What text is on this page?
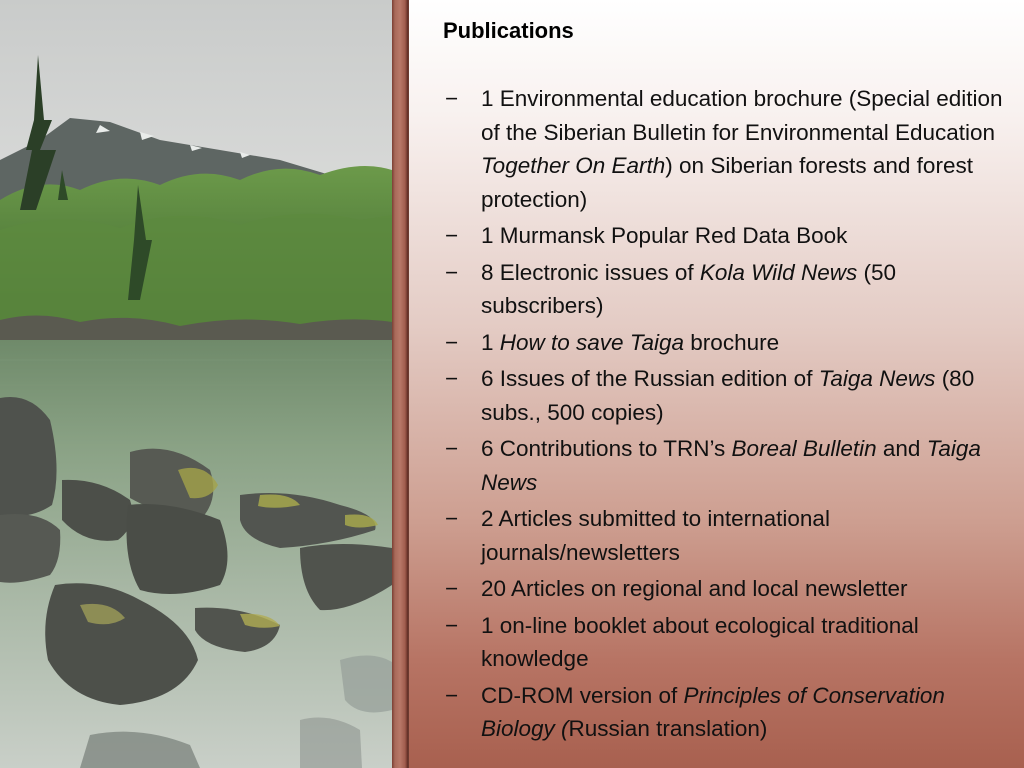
Publications
− 1 Environmental education brochure (Special edition of the Siberian Bulletin for Environmental Education Together On Earth) on Siberian forests and forest protection)
− 1 Murmansk Popular Red Data Book
− 8 Electronic issues of Kola Wild News (50 subscribers)
− 1 How to save Taiga brochure
− 6 Issues of the Russian edition of Taiga News (80 subs., 500 copies)
− 6 Contributions to TRN’s Boreal Bulletin and Taiga News
− 2 Articles submitted to international journals/newsletters
− 20 Articles on regional and local newsletter
− 1 on-line booklet about ecological traditional knowledge
− CD-ROM version of Principles of Conservation Biology (Russian translation)
